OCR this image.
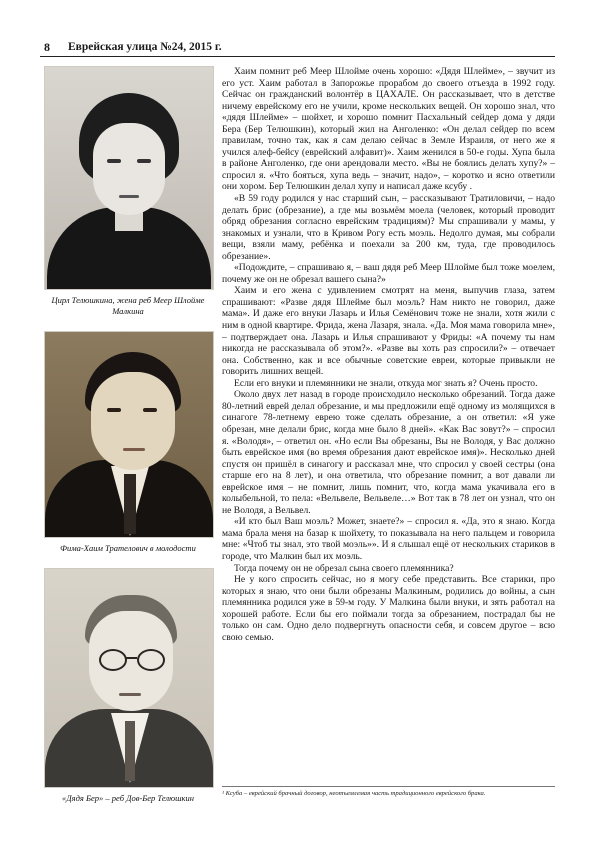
8 Еврейская улица №24, 2015 г.
Цирл Телюшкина, жена реб Меер Шлойме Малкина
Фима-Хаим Трателович в молодости
«Дядя Бер» – реб Дов-Бер Телюшкин

Хаим помнит реб Меер Шлойме очень хорошо: «Дядя Шлейме», – звучит из его уст. Хаим работал в Запорожье прорабом до своего отъезда в 1992 году. Сейчас он гражданский волонтёр в ЦАХАЛЕ. Он рассказывает, что в детстве ничему еврейскому его не учили, кроме нескольких вещей. Он хорошо знал, что «дядя Шлейме» – шойхет, и хорошо помнит Пасхальный сейдер дома у дяди Бера (Бер Телюшкин), который жил на Анголенко: «Он делал сейдер по всем правилам, точно так, как я сам делаю сейчас в Земле Израиля, от него же я учился алеф-бейсу (еврейский алфавит)». Хаим женился в 50-е годы. Хупа была в районе Анголенко, где они арендовали место. «Вы не боялись делать хупу?» – спросил я. «Что бояться, хупа ведь – значит, надо», – коротко и ясно ответили они хором. Бер Телюшкин делал хупу и написал даже ксубу .

«В 59 году родился у нас старший сын, – рассказывают Тратиловичи, – надо делать брис (обрезание), а где мы возьмём моела (человек, который проводит обряд обрезания согласно еврейским традициям)? Мы спрашивали у мамы, у знакомых и узнали, что в Кривом Рогу есть моэль. Недолго думая, мы собрали вещи, взяли маму, ребёнка и поехали за 200 км, туда, где проводилось обрезание».

«Подождите, – спрашиваю я, – ваш дядя реб Меер Шлойме был тоже моелем, почему же он не обрезал вашего сына?»

Хаим и его жена с удивлением смотрят на меня, выпучив глаза, затем спрашивают: «Разве дядя Шлейме был моэль? Нам никто не говорил, даже мама». И даже его внуки Лазарь и Илья Семёнович тоже не знали, хотя жили с ним в одной квартире. Фрида, жена Лазаря, знала. «Да. Моя мама говорила мне», – подтверждает она. Лазарь и Илья спрашивают у Фриды: «А почему ты нам никогда не рассказывала об этом?». «Разве вы хоть раз спросили?» – отвечает она. Собственно, как и все обычные советские евреи, которые привыкли не говорить лишних вещей.

Если его внуки и племянники не знали, откуда мог знать я? Очень просто.

Около двух лет назад в городе происходило несколько обрезаний. Тогда даже 80-летний еврей делал обрезание, и мы предложили ещё одному из молящихся в синагоге 78-летнему еврею тоже сделать обрезание, а он ответил: «Я уже обрезан, мне делали брис, когда мне было 8 дней». «Как Вас зовут?» – спросил я. «Володя», – ответил он. «Но если Вы обрезаны, Вы не Володя, у Вас должно быть еврейское имя (во время обрезания дают еврейское имя)». Несколько дней спустя он пришёл в синагогу и рассказал мне, что спросил у своей сестры (она старше его на 8 лет), и она ответила, что обрезание помнит, а вот давали ли еврейское имя – не помнит, лишь помнит, что, когда мама укачивала его в колыбельной, то пела: «Вельвеле, Вельвеле…» Вот так в 78 лет он узнал, что он не Володя, а Вельвел.

«И кто был Ваш моэль? Может, знаете?» – спросил я. «Да, это я знаю. Когда мама брала меня на базар к шойхету, то показывала на него пальцем и говорила мне: «Чтоб ты знал, это твой моэль»». И я слышал ещё от нескольких стариков в городе, что Малкин был их моэль.

Тогда почему он не обрезал сына своего племянника?

Не у кого спросить сейчас, но я могу себе представить. Все старики, про которых я знаю, что они были обрезаны Малкиным, родились до войны, а сын племянника родился уже в 59-м году. У Малкина были внуки, и зять работал на хорошей работе. Если бы его поймали тогда за обрезанием, пострадал бы не только он сам. Одно дело подвергнуть опасности себя, и совсем другое – всю свою семью.

¹ Ксуба – еврейский брачный договор, неотъемлемая часть традиционного еврейского брака.
